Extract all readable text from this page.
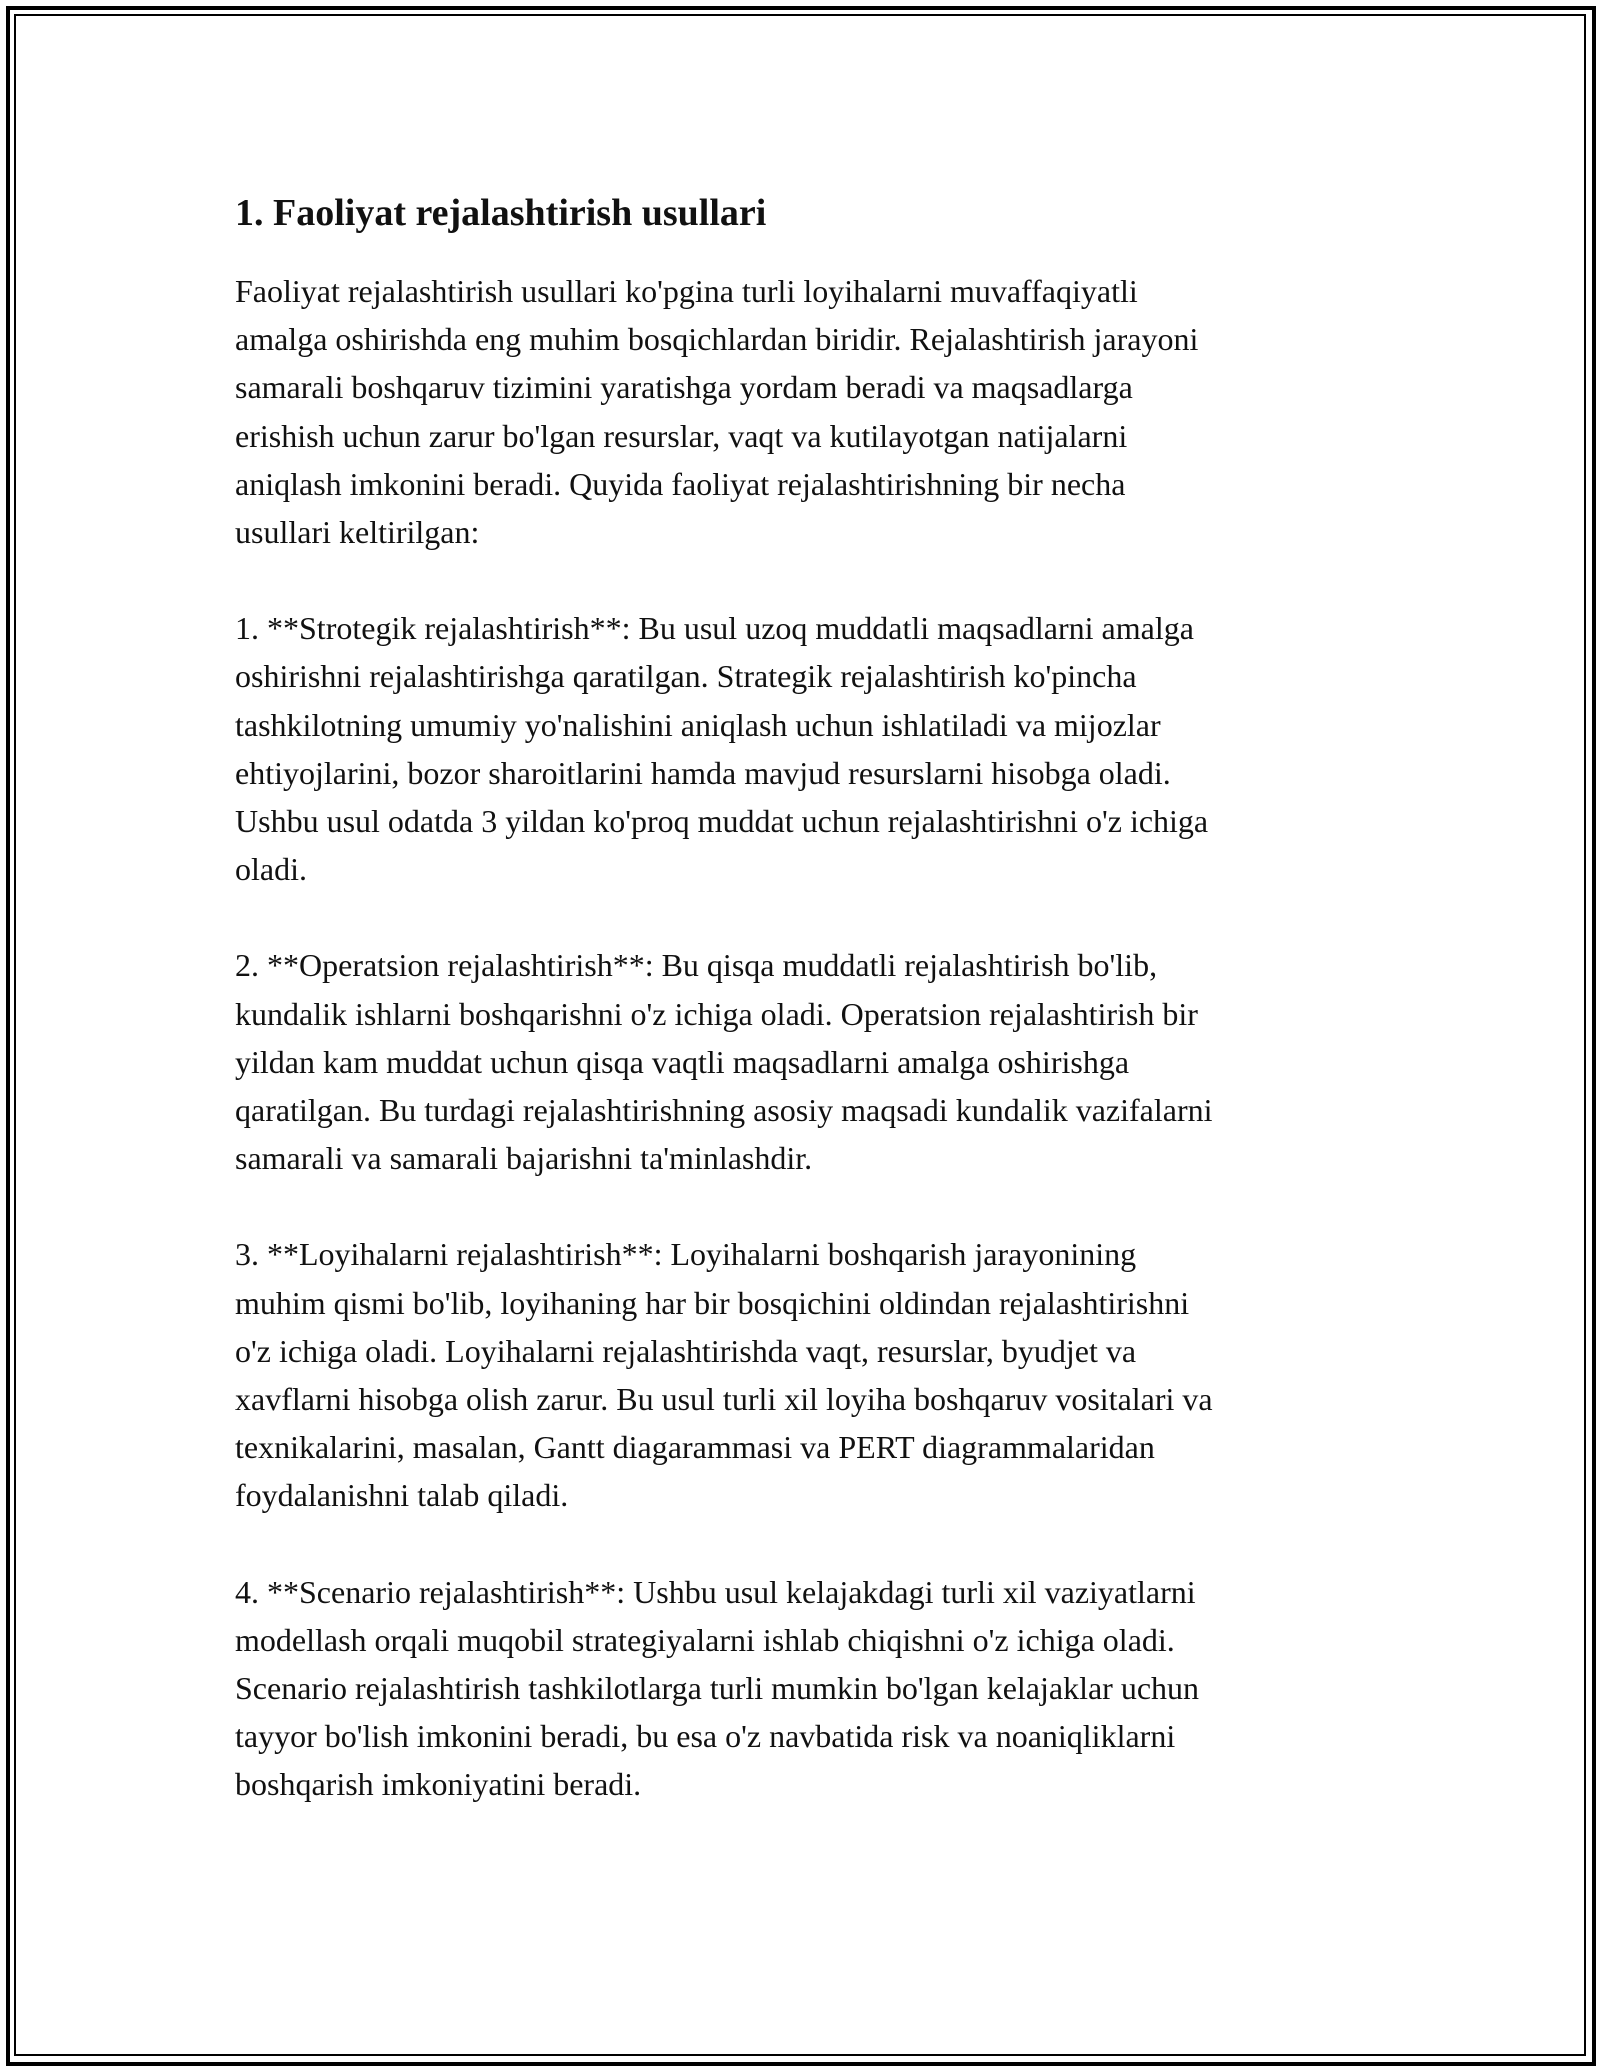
1. Faoliyat rejalashtirish usullari

Faoliyat rejalashtirish usullari ko'pgina turli loyihalarni muvaffaqiyatli
amalga oshirishda eng muhim bosqichlardan biridir. Rejalashtirish jarayoni
samarali boshqaruv tizimini yaratishga yordam beradi va maqsadlarga
erishish uchun zarur bo'lgan resurslar, vaqt va kutilayotgan natijalarni
aniqlash imkonini beradi. Quyida faoliyat rejalashtirishning bir necha
usullari keltirilgan:

1. **Strotegik rejalashtirish**: Bu usul uzoq muddatli maqsadlarni amalga
oshirishni rejalashtirishga qaratilgan. Strategik rejalashtirish ko'pincha
tashkilotning umumiy yo'nalishini aniqlash uchun ishlatiladi va mijozlar
ehtiyojlarini, bozor sharoitlarini hamda mavjud resurslarni hisobga oladi.
Ushbu usul odatda 3 yildan ko'proq muddat uchun rejalashtirishni o'z ichiga
oladi.

2. **Operatsion rejalashtirish**: Bu qisqa muddatli rejalashtirish bo'lib,
kundalik ishlarni boshqarishni o'z ichiga oladi. Operatsion rejalashtirish bir
yildan kam muddat uchun qisqa vaqtli maqsadlarni amalga oshirishga
qaratilgan. Bu turdagi rejalashtirishning asosiy maqsadi kundalik vazifalarni
samarali va samarali bajarishni ta'minlashdir.

3. **Loyihalarni rejalashtirish**: Loyihalarni boshqarish jarayonining
muhim qismi bo'lib, loyihaning har bir bosqichini oldindan rejalashtirishni
o'z ichiga oladi. Loyihalarni rejalashtirishda vaqt, resurslar, byudjet va
xavflarni hisobga olish zarur. Bu usul turli xil loyiha boshqaruv vositalari va
texnikalarini, masalan, Gantt diagarammasi va PERT diagrammalaridan
foydalanishni talab qiladi.

4. **Scenario rejalashtirish**: Ushbu usul kelajakdagi turli xil vaziyatlarni
modellash orqali muqobil strategiyalarni ishlab chiqishni o'z ichiga oladi.
Scenario rejalashtirish tashkilotlarga turli mumkin bo'lgan kelajaklar uchun
tayyor bo'lish imkonini beradi, bu esa o'z navbatida risk va noaniqliklarni
boshqarish imkoniyatini beradi.
